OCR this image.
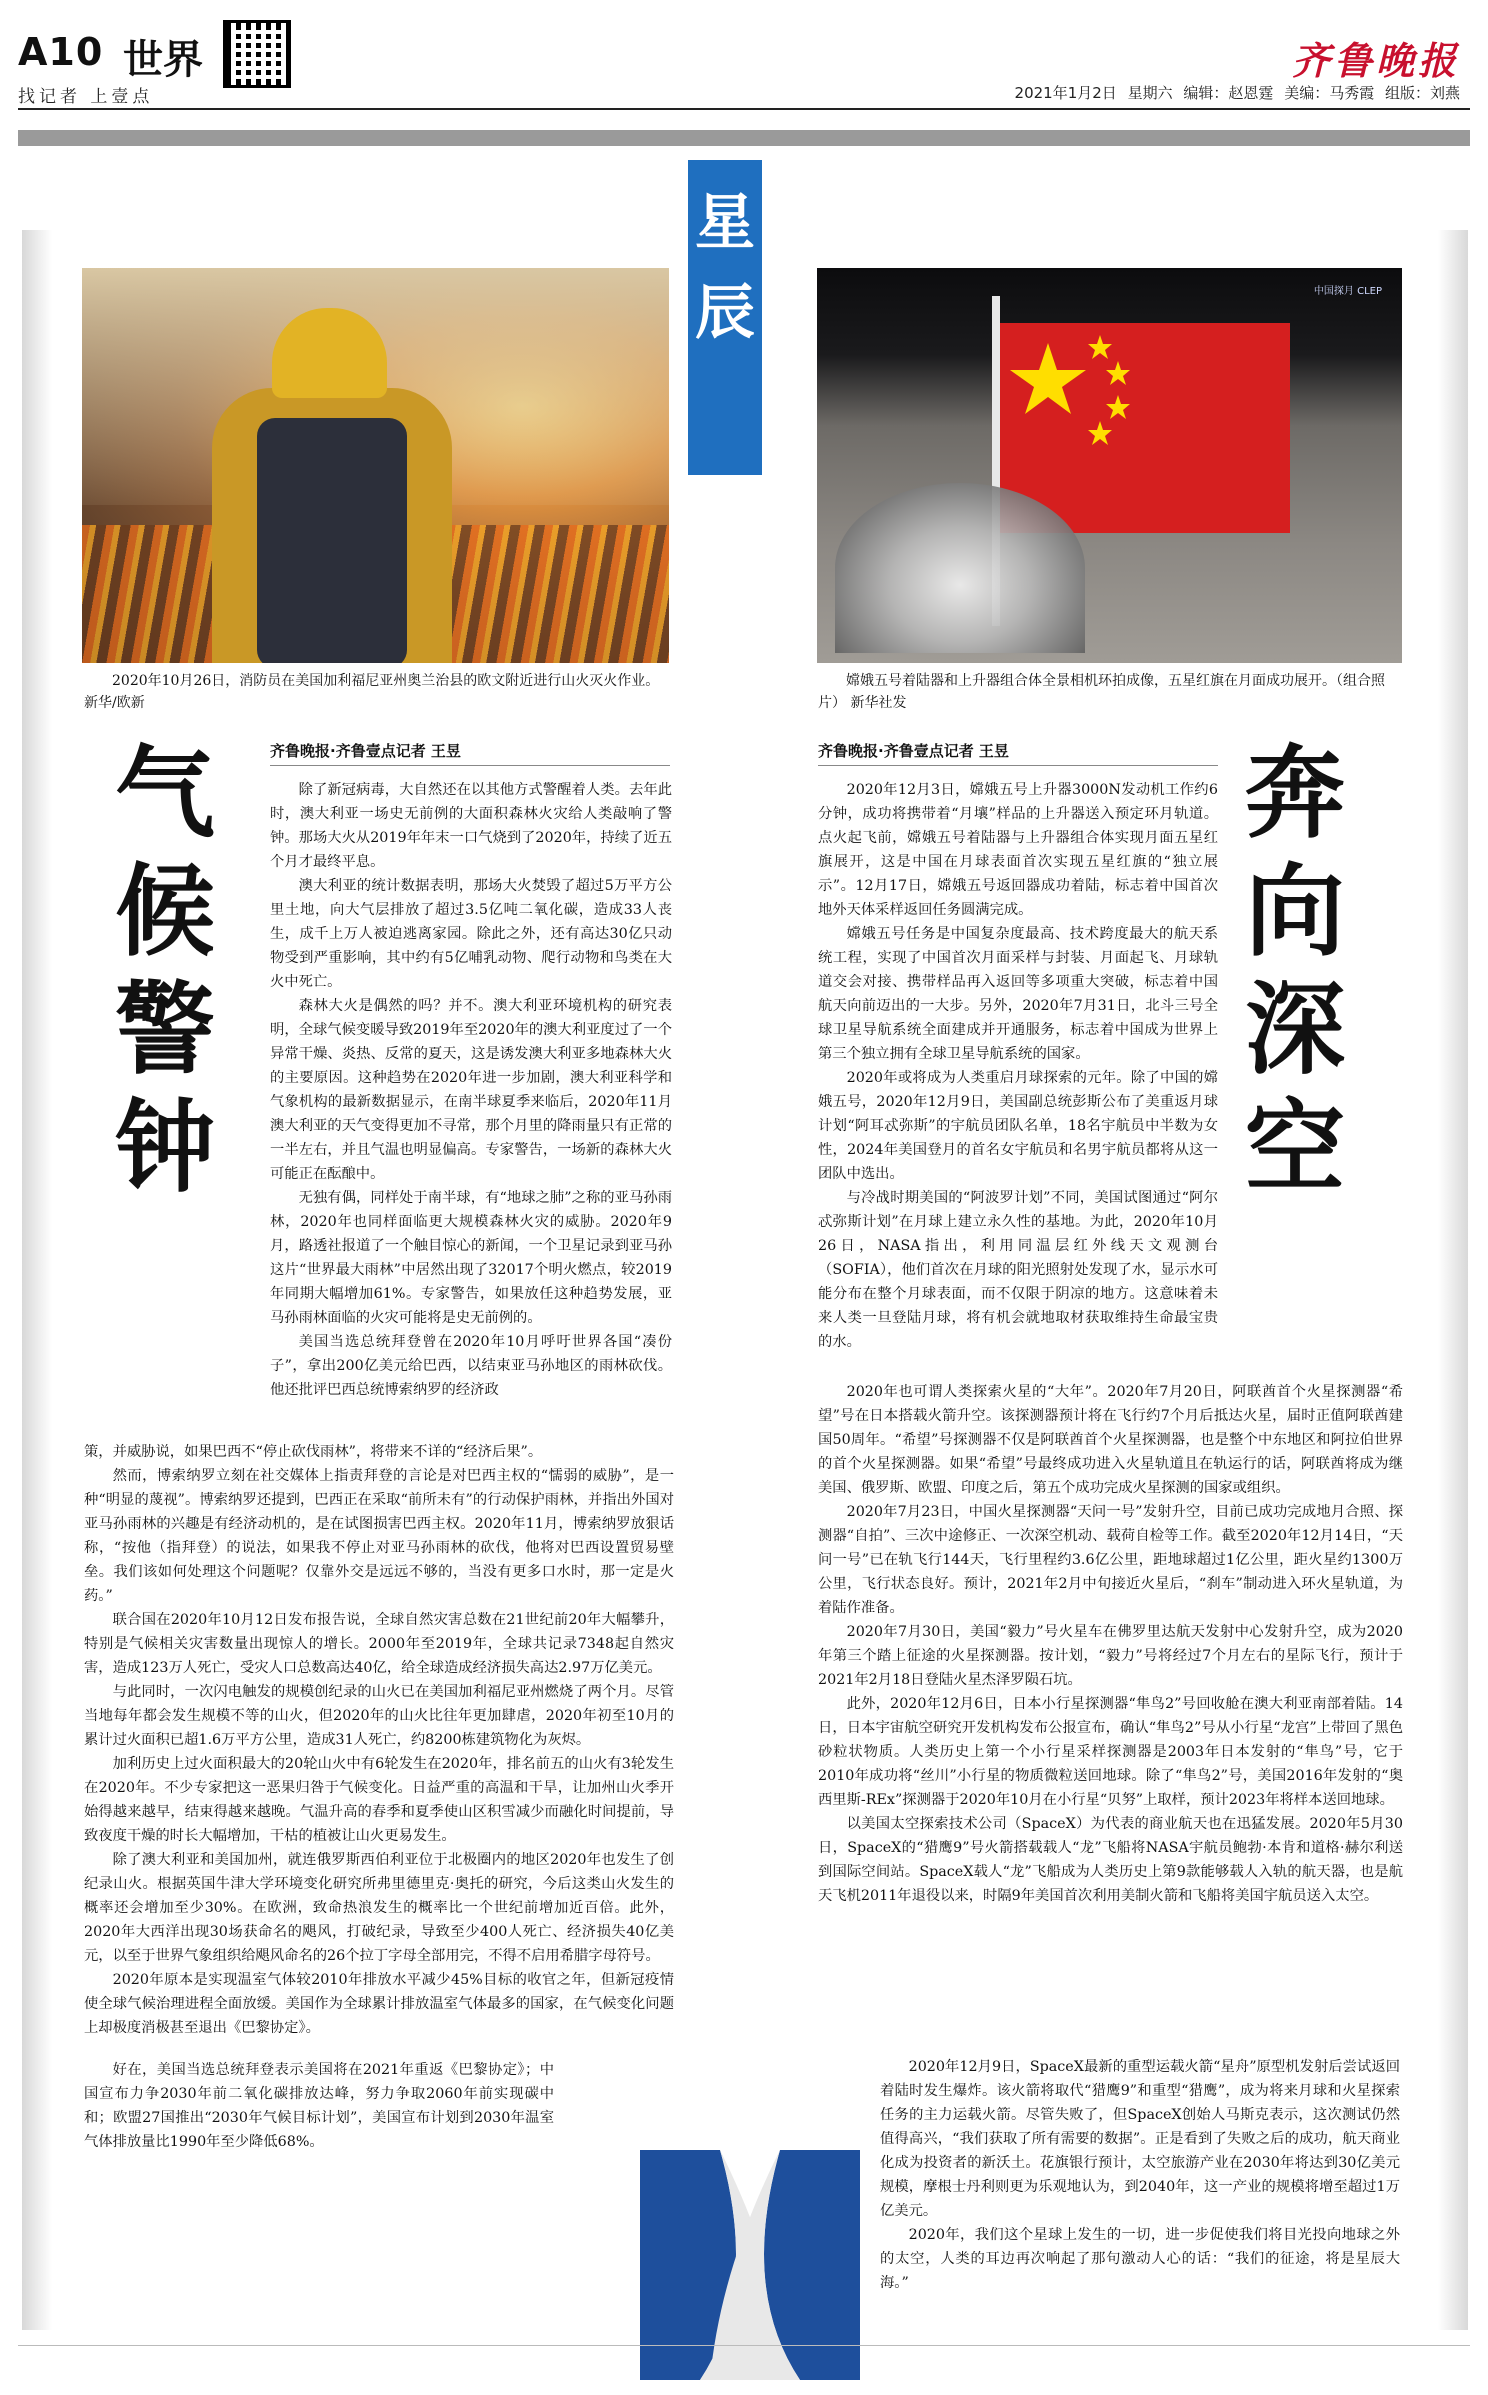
A10 世界
找记者 上壹点
齐鲁晚报
2021年1月2日 星期六 编辑：赵恩霆 美编：马秀霞 组版：刘燕
星
辰
2020年10月26日，消防员在美国加利福尼亚州奥兰治县的欧文附近进行山火灭火作业。 新华/欧新
气
候
警
钟
齐鲁晚报·齐鲁壹点记者 王昱

除了新冠病毒，大自然还在以其他方式警醒着人类。去年此时，澳大利亚一场史无前例的大面积森林火灾给人类敲响了警钟。那场大火从2019年年末一口气烧到了2020年，持续了近五个月才最终平息。

澳大利亚的统计数据表明，那场大火焚毁了超过5万平方公里土地，向大气层排放了超过3.5亿吨二氧化碳，造成33人丧生，成千上万人被迫逃离家园。除此之外，还有高达30亿只动物受到严重影响，其中约有5亿哺乳动物、爬行动物和鸟类在大火中死亡。

森林大火是偶然的吗？并不。澳大利亚环境机构的研究表明，全球气候变暖导致2019年至2020年的澳大利亚度过了一个异常干燥、炎热、反常的夏天，这是诱发澳大利亚多地森林大火的主要原因。这种趋势在2020年进一步加剧，澳大利亚科学和气象机构的最新数据显示，在南半球夏季来临后，2020年11月澳大利亚的天气变得更加不寻常，那个月里的降雨量只有正常的一半左右，并且气温也明显偏高。专家警告，一场新的森林大火可能正在酝酿中。

无独有偶，同样处于南半球，有“地球之肺”之称的亚马孙雨林，2020年也同样面临更大规模森林火灾的威胁。2020年9月，路透社报道了一个触目惊心的新闻，一个卫星记录到亚马孙这片“世界最大雨林”中居然出现了32017个明火燃点，较2019年同期大幅增加61%。专家警告，如果放任这种趋势发展，亚马孙雨林面临的火灾可能将是史无前例的。

美国当选总统拜登曾在2020年10月呼吁世界各国“凑份子”，拿出200亿美元给巴西，以结束亚马孙地区的雨林砍伐。他还批评巴西总统博索纳罗的经济政

策，并威胁说，如果巴西不“停止砍伐雨林”，将带来不详的“经济后果”。

然而，博索纳罗立刻在社交媒体上指责拜登的言论是对巴西主权的“懦弱的威胁”，是一种“明显的蔑视”。博索纳罗还提到，巴西正在采取“前所未有”的行动保护雨林，并指出外国对亚马孙雨林的兴趣是有经济动机的，是在试图损害巴西主权。2020年11月，博索纳罗放狠话称，“按他（指拜登）的说法，如果我不停止对亚马孙雨林的砍伐，他将对巴西设置贸易壁垒。我们该如何处理这个问题呢？仅靠外交是远远不够的，当没有更多口水时，那一定是火药。”

联合国在2020年10月12日发布报告说，全球自然灾害总数在21世纪前20年大幅攀升，特别是气候相关灾害数量出现惊人的增长。2000年至2019年，全球共记录7348起自然灾害，造成123万人死亡，受灾人口总数高达40亿，给全球造成经济损失高达2.97万亿美元。

与此同时，一次闪电触发的规模创纪录的山火已在美国加利福尼亚州燃烧了两个月。尽管当地每年都会发生规模不等的山火，但2020年的山火比往年更加肆虐，2020年初至10月的累计过火面积已超1.6万平方公里，造成31人死亡，约8200栋建筑物化为灰烬。

加利历史上过火面积最大的20轮山火中有6轮发生在2020年，排名前五的山火有3轮发生在2020年。不少专家把这一恶果归咎于气候变化。日益严重的高温和干旱，让加州山火季开始得越来越早，结束得越来越晚。气温升高的春季和夏季使山区积雪减少而融化时间提前，导致夜度干燥的时长大幅增加，干枯的植被让山火更易发生。

除了澳大利亚和美国加州，就连俄罗斯西伯利亚位于北极圈内的地区2020年也发生了创纪录山火。根据英国牛津大学环境变化研究所弗里德里克·奥托的研究，今后这类山火发生的概率还会增加至少30%。在欧洲，致命热浪发生的概率比一个世纪前增加近百倍。此外，2020年大西洋出现30场获命名的飓风，打破纪录，导致至少400人死亡、经济损失40亿美元，以至于世界气象组织给飓风命名的26个拉丁字母全部用完，不得不启用希腊字母符号。

2020年原本是实现温室气体较2010年排放水平减少45%目标的收官之年，但新冠疫情使全球气候治理进程全面放缓。美国作为全球累计排放温室气体最多的国家，在气候变化问题上却极度消极甚至退出《巴黎协定》。

好在，美国当选总统拜登表示美国将在2021年重返《巴黎协定》；中国宣布力争2030年前二氧化碳排放达峰，努力争取2060年前实现碳中和；欧盟27国推出“2030年气候目标计划”，美国宣布计划到2030年温室气体排放量比1990年至少降低68%。

中国探月 CLEP
嫦娥五号着陆器和上升器组合体全景相机环拍成像，五星红旗在月面成功展开。（组合照片） 新华社发
齐鲁晚报·齐鲁壹点记者 王昱	奔
向
深
空

2020年12月3日，嫦娥五号上升器3000N发动机工作约6分钟，成功将携带着“月壤”样品的上升器送入预定环月轨道。点火起飞前，嫦娥五号着陆器与上升器组合体实现月面五星红旗展开，这是中国在月球表面首次实现五星红旗的“独立展示”。12月17日，嫦娥五号返回器成功着陆，标志着中国首次地外天体采样返回任务圆满完成。

嫦娥五号任务是中国复杂度最高、技术跨度最大的航天系统工程，实现了中国首次月面采样与封装、月面起飞、月球轨道交会对接、携带样品再入返回等多项重大突破，标志着中国航天向前迈出的一大步。另外，2020年7月31日，北斗三号全球卫星导航系统全面建成并开通服务，标志着中国成为世界上第三个独立拥有全球卫星导航系统的国家。

2020年或将成为人类重启月球探索的元年。除了中国的嫦娥五号，2020年12月9日，美国副总统彭斯公布了美重返月球计划“阿耳忒弥斯”的宇航员团队名单，18名宇航员中半数为女性，2024年美国登月的首名女宇航员和名男宇航员都将从这一团队中选出。

与冷战时期美国的“阿波罗计划”不同，美国试图通过“阿尔忒弥斯计划”在月球上建立永久性的基地。为此，2020年10月26日，NASA指出，利用同温层红外线天文观测台（SOFIA），他们首次在月球的阳光照射处发现了水，显示水可能分布在整个月球表面，而不仅限于阴凉的地方。这意味着未来人类一旦登陆月球，将有机会就地取材获取维持生命最宝贵的水。

2020年也可谓人类探索火星的“大年”。2020年7月20日，阿联酋首个火星探测器“希望”号在日本搭载火箭升空。该探测器预计将在飞行约7个月后抵达火星，届时正值阿联酋建国50周年。“希望”号探测器不仅是阿联酋首个火星探测器，也是整个中东地区和阿拉伯世界的首个火星探测器。如果“希望”号最终成功进入火星轨道且在轨运行的话，阿联酋将成为继美国、俄罗斯、欧盟、印度之后，第五个成功完成火星探测的国家或组织。

2020年7月23日，中国火星探测器“天问一号”发射升空，目前已成功完成地月合照、探测器“自拍”、三次中途修正、一次深空机动、载荷自检等工作。截至2020年12月14日，“天问一号”已在轨飞行144天，飞行里程约3.6亿公里，距地球超过1亿公里，距火星约1300万公里，飞行状态良好。预计，2021年2月中旬接近火星后，“刹车”制动进入环火星轨道，为着陆作准备。

2020年7月30日，美国“毅力”号火星车在佛罗里达航天发射中心发射升空，成为2020年第三个踏上征途的火星探测器。按计划，“毅力”号将经过7个月左右的星际飞行，预计于2021年2月18日登陆火星杰泽罗陨石坑。

此外，2020年12月6日，日本小行星探测器“隼鸟2”号回收舱在澳大利亚南部着陆。14日，日本宇宙航空研究开发机构发布公报宣布，确认“隼鸟2”号从小行星“龙宫”上带回了黑色砂粒状物质。人类历史上第一个小行星采样探测器是2003年日本发射的“隼鸟”号，它于2010年成功将“丝川”小行星的物质微粒送回地球。除了“隼鸟2”号，美国2016年发射的“奥西里斯-REx”探测器于2020年10月在小行星“贝努”上取样，预计2023年将样本送回地球。

以美国太空探索技术公司（SpaceX）为代表的商业航天也在迅猛发展。2020年5月30日，SpaceX的“猎鹰9”号火箭搭载载人“龙”飞船将NASA宇航员鲍勃·本肯和道格·赫尔利送到国际空间站。SpaceX载人“龙”飞船成为人类历史上第9款能够载人入轨的航天器，也是航天飞机2011年退役以来，时隔9年美国首次利用美制火箭和飞船将美国宇航员送入太空。

2020年12月9日，SpaceX最新的重型运载火箭“星舟”原型机发射后尝试返回着陆时发生爆炸。该火箭将取代“猎鹰9”和重型“猎鹰”，成为将来月球和火星探索任务的主力运载火箭。尽管失败了，但SpaceX创始人马斯克表示，这次测试仍然值得高兴，“我们获取了所有需要的数据”。正是看到了失败之后的成功，航天商业化成为投资者的新沃土。花旗银行预计，太空旅游产业在2030年将达到30亿美元规模，摩根士丹利则更为乐观地认为，到2040年，这一产业的规模将增至超过1万亿美元。

2020年，我们这个星球上发生的一切，进一步促使我们将目光投向地球之外的太空，人类的耳边再次响起了那句激动人心的话：“我们的征途，将是星辰大海。”
